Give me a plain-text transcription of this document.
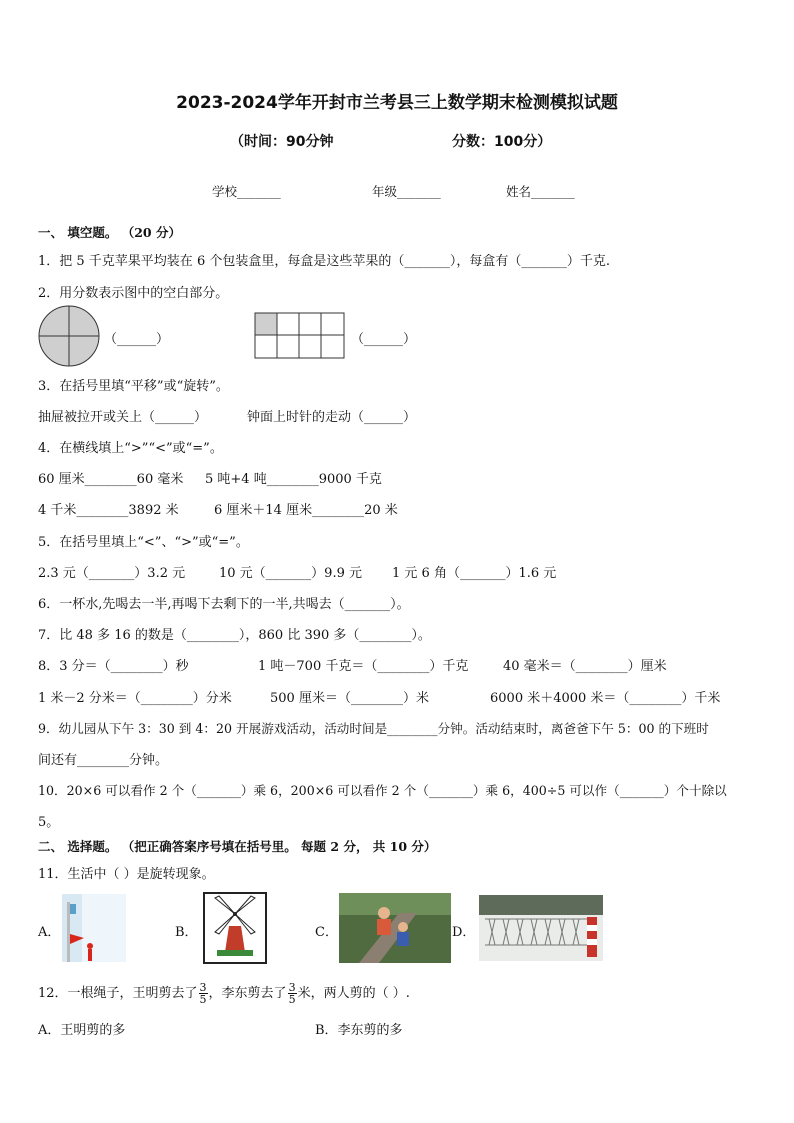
2023-2024学年开封市兰考县三上数学期末检测模拟试题
（时间：90分钟	分数：100分）
学校_______	年级_______	姓名_______
一、 填空题。 （20 分）
1．把 5 千克苹果平均装在 6 个包装盒里，每盒是这些苹果的（_______），每盒有（_______）千克.
2．用分数表示图中的空白部分。
（______）	（______）
3．在括号里填“平移”或“旋转”。
抽屉被拉开或关上（______）	钟面上时针的走动（______）
4．在横线填上“>”“<”或“=”。
60 厘米________60 毫米 5 吨+4 吨________9000 千克
4 千米________3892 米	6 厘米＋14 厘米________20 米
5．在括号里填上“<”、“>”或“=”。
2.3 元（_______）3.2 元	10 元（_______）9.9 元 1 元 6 角（_______）1.6 元
6．一杯水,先喝去一半,再喝下去剩下的一半,共喝去（_______）。
7．比 48 多 16 的数是（________），860 比 390 多（________）。
8．3 分＝（________）秒	1 吨－700 千克＝（________）千克	40 毫米＝（________）厘米
1 米－2 分米＝（________）分米	500 厘米＝（________）米	6000 米＋4000 米＝（________）千米
9．幼儿园从下午 3：30 到 4：20 开展游戏活动，活动时间是________分钟。活动结束时，离爸爸下午 5：00 的下班时
间还有________分钟。
10．20×6 可以看作 2 个（_______）乘 6，200×6 可以看作 2 个（_______）乘 6，400÷5 可以作（_______）个十除以
5。
二、 选择题。 （把正确答案序号填在括号里。 每题 2 分， 共 10 分）
11．生活中（ ）是旋转现象。
A．	B．	C．	D．
12．一根绳子，王明剪去了 $\frac{3}{5}$ ，李东剪去了 $\frac{3}{5}$ 米，两人剪的（ ）.
A．王明剪的多	B．李东剪的多
